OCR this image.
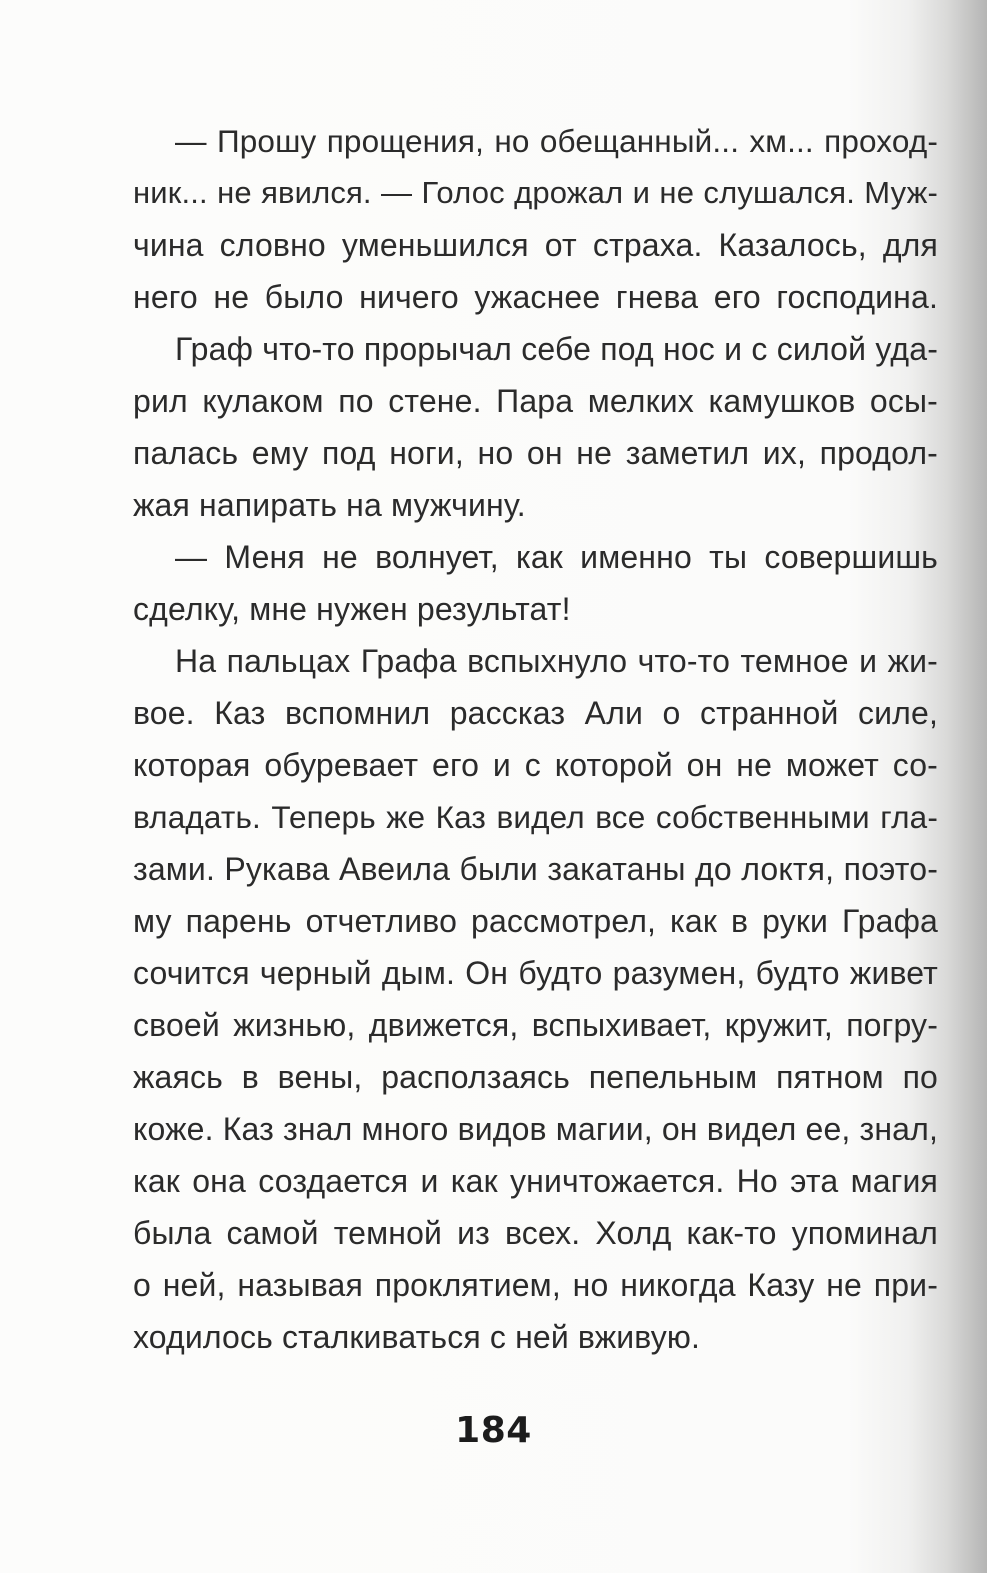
— Прошу прощения, но обещанный... хм... проход-
ник... не явился. — Голос дрожал и не слушался. Муж-
чина словно уменьшился от страха. Казалось, для
него не было ничего ужаснее гнева его господина.
Граф что-то прорычал себе под нос и с силой уда-
рил кулаком по стене. Пара мелких камушков осы-
палась ему под ноги, но он не заметил их, продол-
жая напирать на мужчину.
— Меня не волнует, как именно ты совершишь
сделку, мне нужен результат!
На пальцах Графа вспыхнуло что-то темное и жи-
вое. Каз вспомнил рассказ Али о странной силе,
которая обуревает его и с которой он не может со-
владать. Теперь же Каз видел все собственными гла-
зами. Рукава Авеила были закатаны до локтя, поэто-
му парень отчетливо рассмотрел, как в руки Графа
сочится черный дым. Он будто разумен, будто живет
своей жизнью, движется, вспыхивает, кружит, погру-
жаясь в вены, расползаясь пепельным пятном по
коже. Каз знал много видов магии, он видел ее, знал,
как она создается и как уничтожается. Но эта магия
была самой темной из всех. Холд как-то упоминал
о ней, называя проклятием, но никогда Казу не при-
ходилось сталкиваться с ней вживую.
184
